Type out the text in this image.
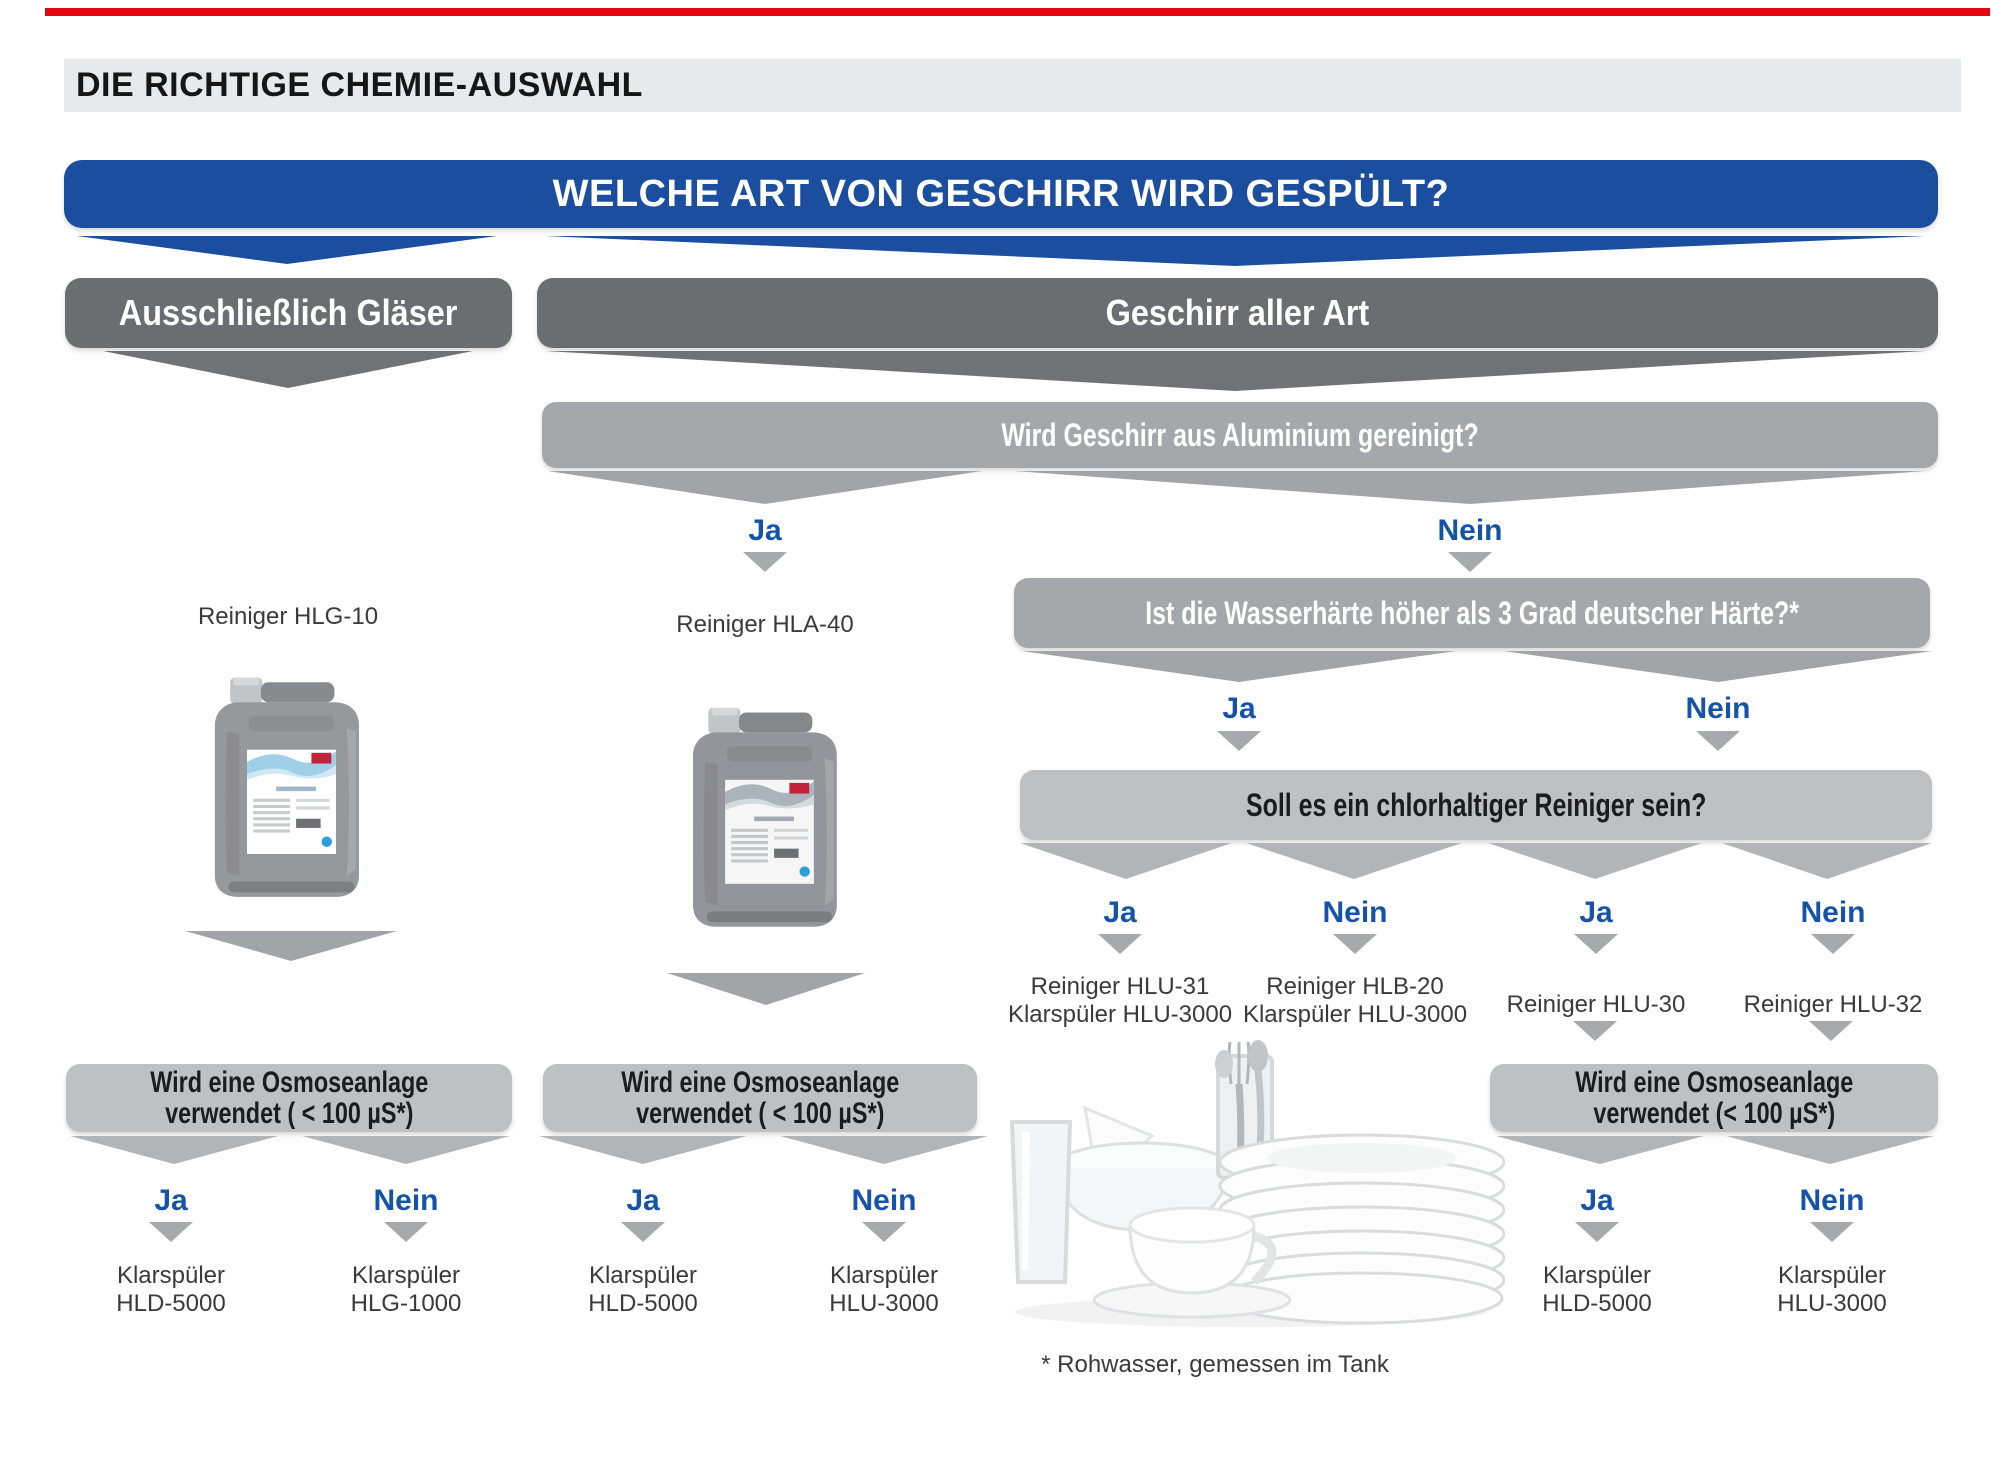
DIE RICHTIGE CHEMIE-AUSWAHL
WELCHE ART VON GESCHIRR WIRD GESPÜLT?
Ausschließlich Gläser	Geschirr aller Art
Wird Geschirr aus Aluminium gereinigt?
Ja	Nein
Reiniger HLG-10	Reiniger HLA-40	Ist die Wasserhärte höher als 3 Grad deutscher Härte?*
Ja	Nein
Soll es ein chlorhaltiger Reiniger sein?
Ja	Nein	Ja	Nein
Reiniger HLU-31
Klarspüler HLU-3000
Reiniger HLB-20
Klarspüler HLU-3000	Reiniger HLU-30	Reiniger HLU-32
Wird eine Osmoseanlage
verwendet ( < 100 µS*)
Wird eine Osmoseanlage
verwendet ( < 100 µS*)
Wird eine Osmoseanlage
verwendet (< 100 µS*)
Ja	Nein	Ja	Nein	Ja	Nein
Klarspüler
HLD-5000
Klarspüler
HLG-1000
Klarspüler
HLD-5000
Klarspüler
HLU-3000
Klarspüler
HLD-5000
Klarspüler
HLU-3000
* Rohwasser, gemessen im Tank
